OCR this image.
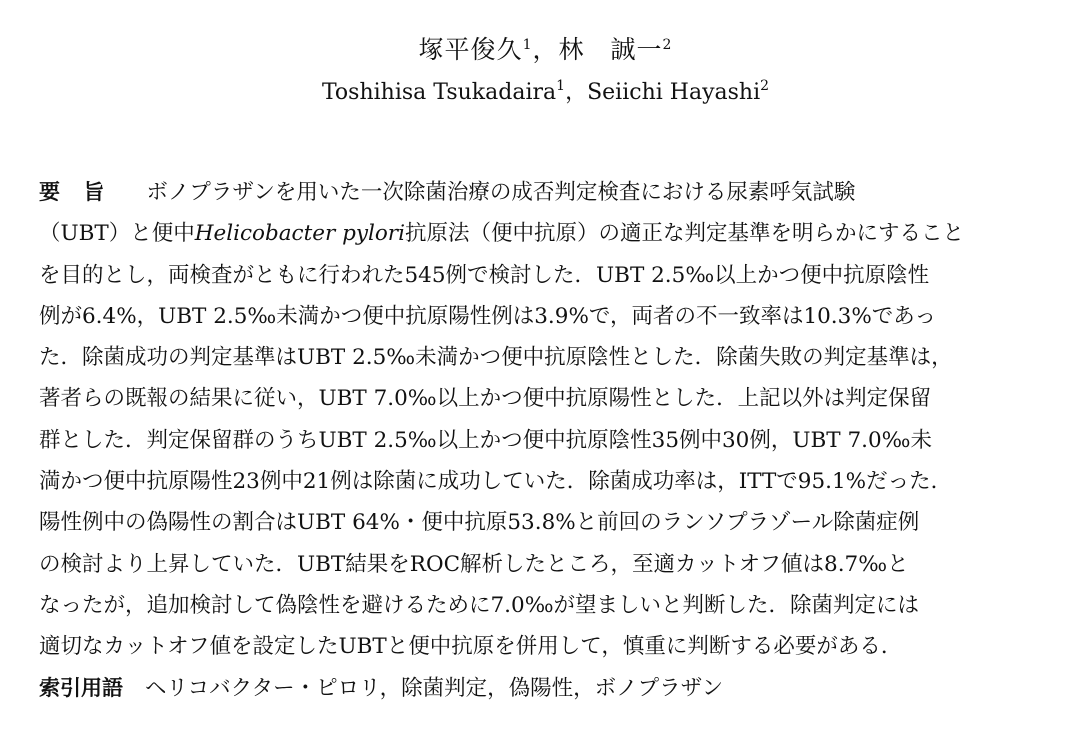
塚平俊久$^1$，林　誠一$^2$
Toshihisa Tsukadaira$^1$，Seiichi Hayashi$^2$
要 旨 ボノプラザンを用いた一次除菌治療の成否判定検査における尿素呼気試験
（UBT）と便中Helicobacter pylori抗原法（便中抗原）の適正な判定基準を明らかにすること
を目的とし，両検査がともに行われた545例で検討した．UBT 2.5‰以上かつ便中抗原陰性
例が6.4%，UBT 2.5‰未満かつ便中抗原陽性例は3.9%で，両者の不一致率は10.3%であっ
た．除菌成功の判定基準はUBT 2.5‰未満かつ便中抗原陰性とした．除菌失敗の判定基準は，
著者らの既報の結果に従い，UBT 7.0‰以上かつ便中抗原陽性とした．上記以外は判定保留
群とした．判定保留群のうちUBT 2.5‰以上かつ便中抗原陰性35例中30例，UBT 7.0‰未
満かつ便中抗原陽性23例中21例は除菌に成功していた．除菌成功率は，ITTで95.1%だった．
陽性例中の偽陽性の割合はUBT 64%・便中抗原53.8%と前回のランソプラゾール除菌症例
の検討より上昇していた．UBT結果をROC解析したところ，至適カットオフ値は8.7‰と
なったが，追加検討して偽陰性を避けるために7.0‰が望ましいと判断した．除菌判定には
適切なカットオフ値を設定したUBTと便中抗原を併用して，慎重に判断する必要がある．
索引用語 ヘリコバクター・ピロリ，除菌判定，偽陽性，ボノプラザン
